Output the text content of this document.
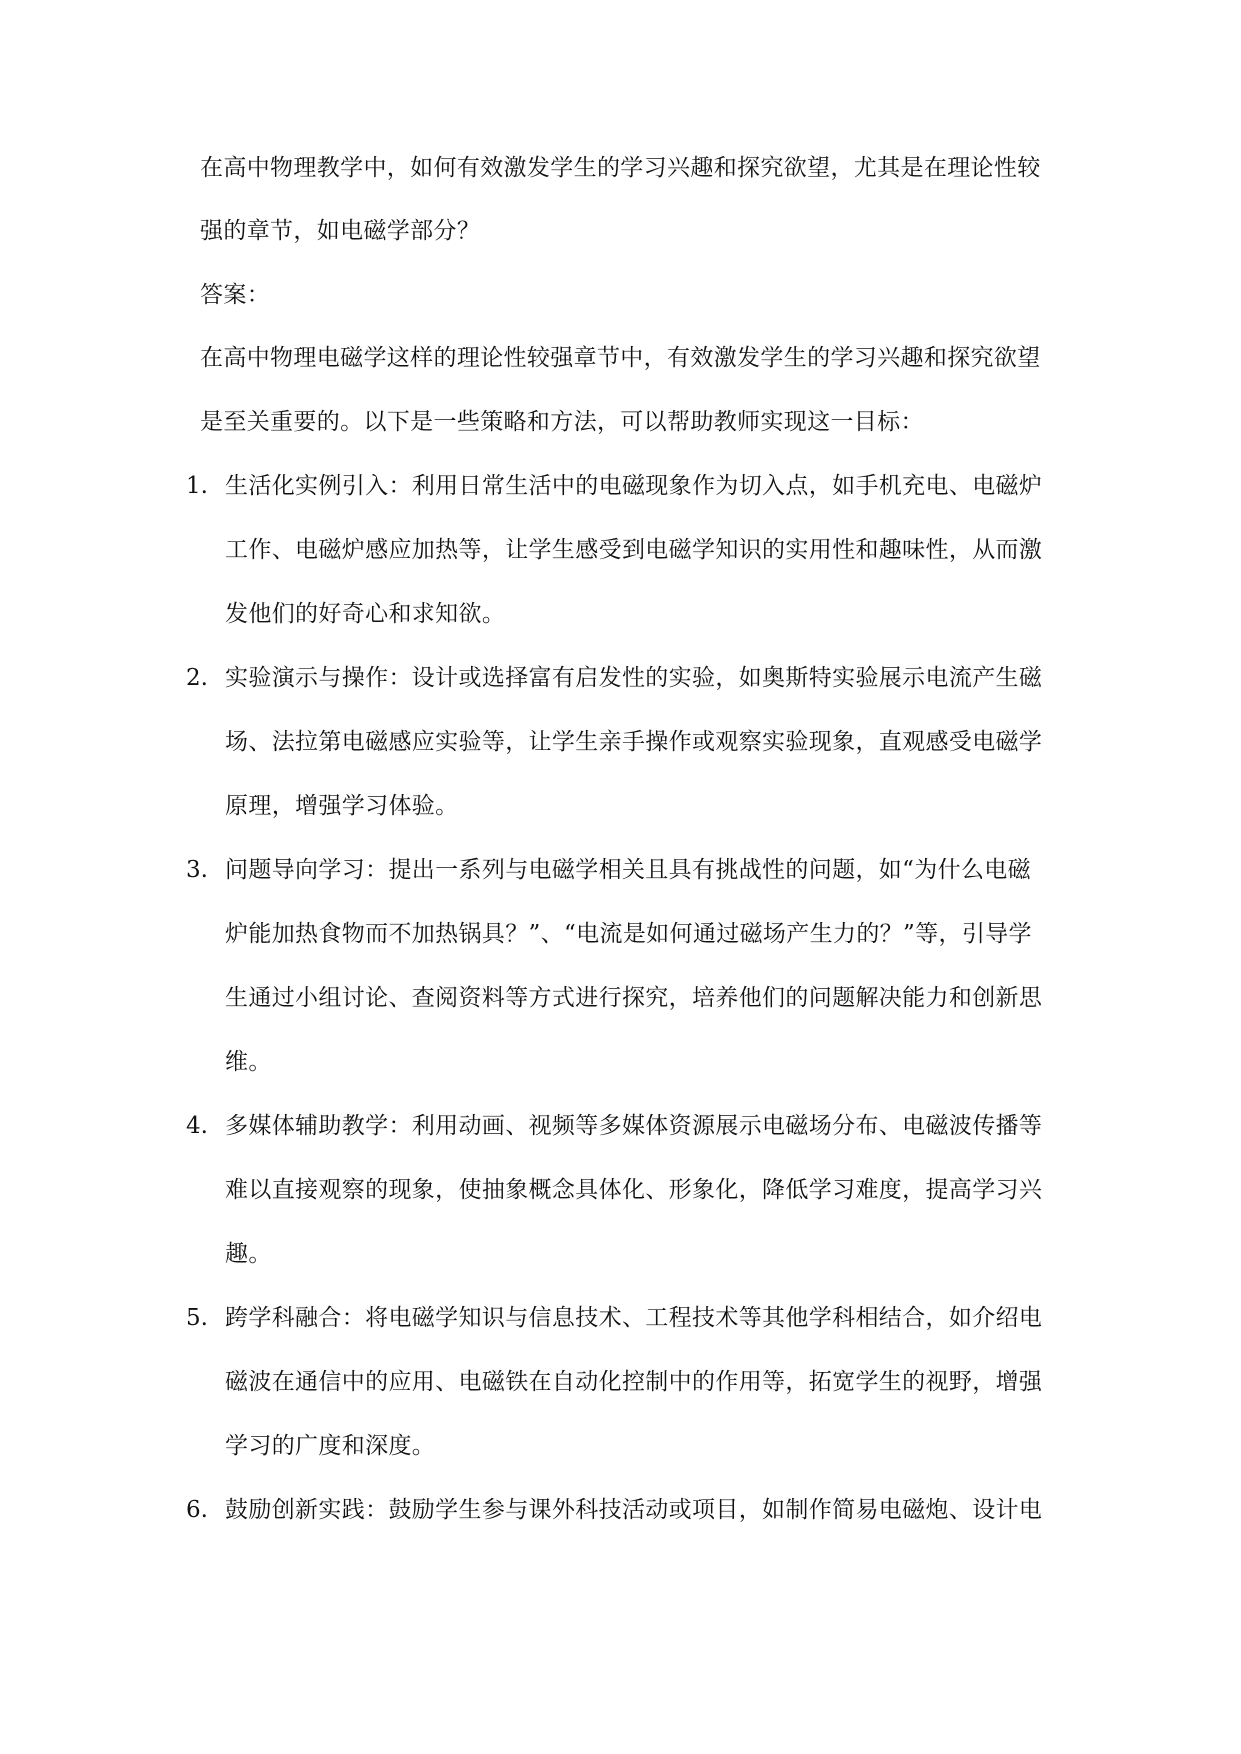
在高中物理教学中，如何有效激发学生的学习兴趣和探究欲望，尤其是在理论性较
强的章节，如电磁学部分？
答案：
在高中物理电磁学这样的理论性较强章节中，有效激发学生的学习兴趣和探究欲望
是至关重要的。以下是一些策略和方法，可以帮助教师实现这一目标：
1. 生活化实例引入：利用日常生活中的电磁现象作为切入点，如手机充电、电磁炉
工作、电磁炉感应加热等，让学生感受到电磁学知识的实用性和趣味性，从而激
发他们的好奇心和求知欲。
2. 实验演示与操作：设计或选择富有启发性的实验，如奥斯特实验展示电流产生磁
场、法拉第电磁感应实验等，让学生亲手操作或观察实验现象，直观感受电磁学
原理，增强学习体验。
3. 问题导向学习：提出一系列与电磁学相关且具有挑战性的问题，如“为什么电磁
炉能加热食物而不加热锅具？”、“电流是如何通过磁场产生力的？”等，引导学
生通过小组讨论、查阅资料等方式进行探究，培养他们的问题解决能力和创新思
维。
4. 多媒体辅助教学：利用动画、视频等多媒体资源展示电磁场分布、电磁波传播等
难以直接观察的现象，使抽象概念具体化、形象化，降低学习难度，提高学习兴
趣。
5. 跨学科融合：将电磁学知识与信息技术、工程技术等其他学科相结合，如介绍电
磁波在通信中的应用、电磁铁在自动化控制中的作用等，拓宽学生的视野，增强
学习的广度和深度。
6. 鼓励创新实践：鼓励学生参与课外科技活动或项目，如制作简易电磁炮、设计电
